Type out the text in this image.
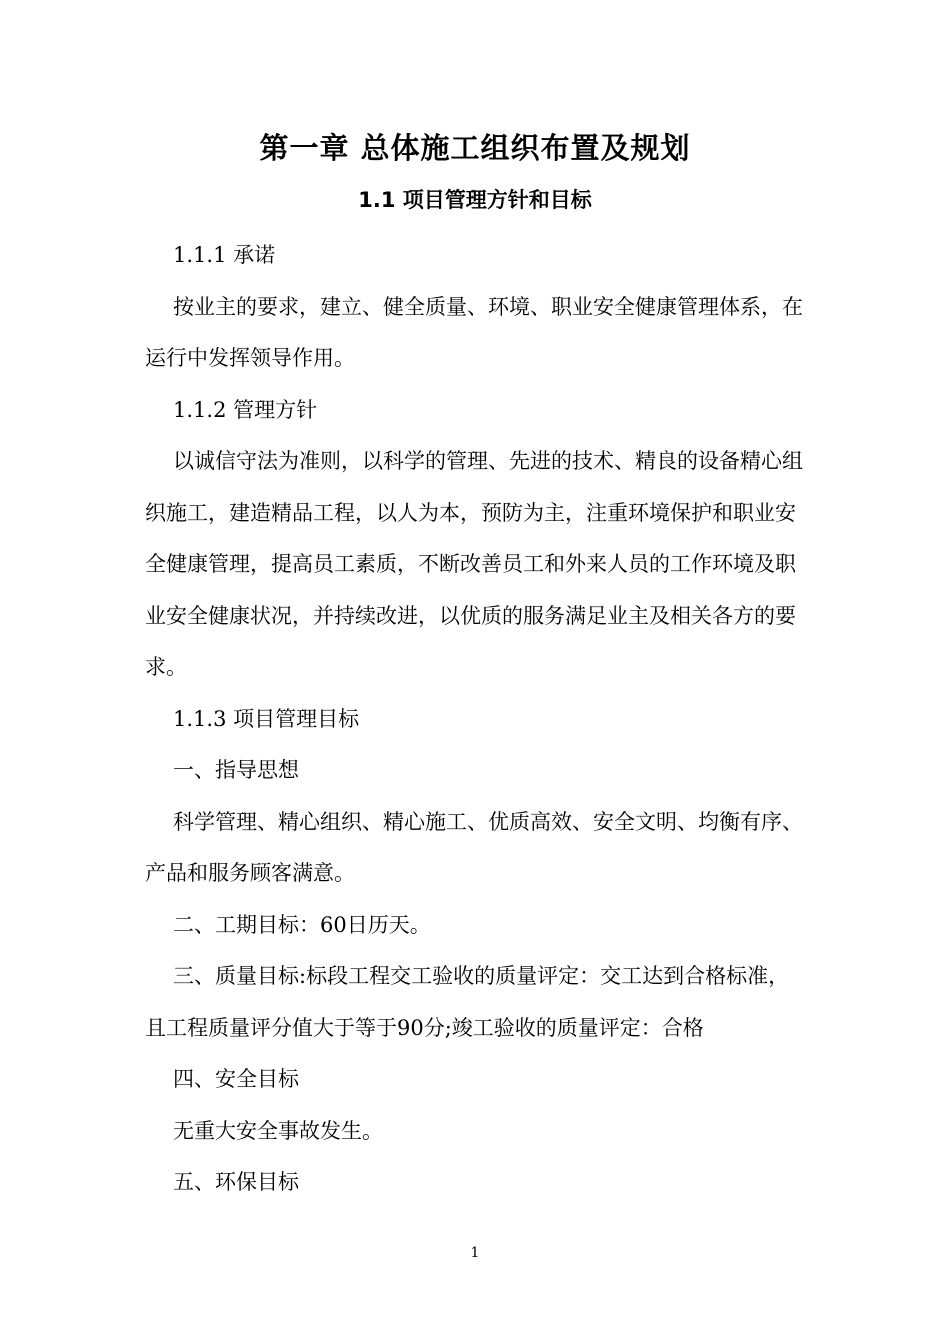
第一章 总体施工组织布置及规划
1.1 项目管理方针和目标

1.1.1 承诺

按业主的要求，建立、健全质量、环境、职业安全健康管理体系，在运行中发挥领导作用。

1.1.2 管理方针

以诚信守法为准则，以科学的管理、先进的技术、精良的设备精心组织施工，建造精品工程，以人为本，预防为主，注重环境保护和职业安全健康管理，提高员工素质，不断改善员工和外来人员的工作环境及职业安全健康状况，并持续改进，以优质的服务满足业主及相关各方的要求。

1.1.3 项目管理目标

一、指导思想

科学管理、精心组织、精心施工、优质高效、安全文明、均衡有序、产品和服务顾客满意。

二、工期目标：60日历天。

三、质量目标:标段工程交工验收的质量评定：交工达到合格标准，且工程质量评分值大于等于90分;竣工验收的质量评定：合格

四、安全目标

无重大安全事故发生。

五、环保目标

1
